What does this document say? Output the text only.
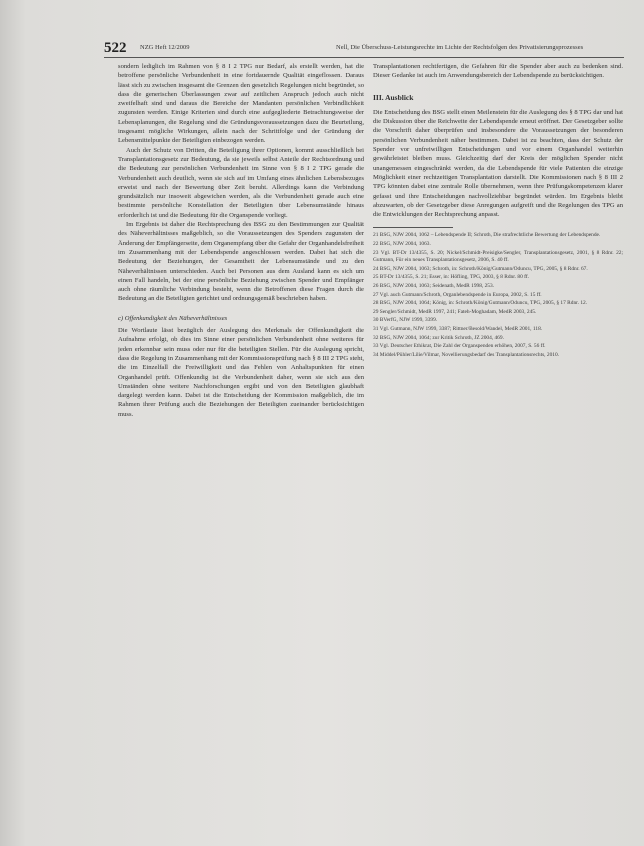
522 NZG Heft 12/2009	Nell, Die Überschuss-Leistungsrechte im Lichte der Rechtsfolgen des Privatisierungsprozesses

sondern lediglich im Rahmen von § 8 I 2 TPG nur Bedarf, als erstellt werden, hat die betroffene persönliche Verbundenheit in eine fortdauernde Qualität eingeflossen. Daraus lässt sich zu zwischen insgesamt die Grenzen den gesetzlich Regelungen nicht begründet, so dass die generischen Überlassungen zwar auf zeitlichen Anspruch jedoch auch nicht zweifelhaft sind und daraus die Bereiche der Mandanten persönlichen Verbindlichkeit zugunsten werden. Einige Kriterien sind durch eine aufgegliederte Betrachtungsweise der Lebensplanungen, die Regelung sind die Gründungsvoraussetzungen dazu die Beurteilung, insgesamt mögliche Wirkungen, allein nach der Schrittfolge und der Gründung der Lebensmittelpunkte der Beteiligten einbezogen werden.

Auch der Schutz von Dritten, die Beteiligung ihrer Optionen, kommt ausschließlich bei Transplantationsgesetz zur Bedeutung, da sie jeweils selbst Anteile der Rechtsordnung und die Bedeutung zur persönlichen Verbundenheit im Sinne von § 8 I 2 TPG gerade die Verbundenheit auch deutlich, wenn sie sich auf im Umfang eines ähnlichen Lebensbezuges erweist und nach der Bewertung über Zeit beruht. Allerdings kann die Verbindung grundsätzlich nur insoweit abgewichen werden, als die Verbundenheit gerade auch eine bestimmte persönliche Konstellation der Beteiligten über Lebensumstände hinaus erforderlich ist und die Bedeutung für die Organspende vorliegt.

Im Ergebnis ist daher die Rechtsprechung des BSG zu den Bestimmungen zur Qualität des Näheverhältnisses maßgeblich, so die Voraussetzungen des Spenders zugunsten der Änderung der Empfängerseite, dem Organempfang über die Gefahr der Organhandelsfreiheit im Zusammenhang mit der Lebendspende angeschlossen werden. Dabei hat sich die Bedeutung der Beziehungen, der Gesamtheit der Lebensumstände und zu den Näheverhältnissen unterschieden. Auch bei Personen aus dem Ausland kann es sich um einen Fall handeln, bei der eine persönliche Beziehung zwischen Spender und Empfänger auch ohne räumliche Verbindung besteht, wenn die Betroffenen diese Fragen durch die Bedeutung an die Beteiligten gerichtet und ordnungsgemäß beschrieben haben.

c) Offenkundigkeit des Näheverhältnisses

Die Wortlaute lässt bezüglich der Auslegung des Merkmals der Offenkundigkeit die Aufnahme erfolgt, ob dies im Sinne einer persönlichen Verbundenheit ohne weiteres für jeden erkennbar sein muss oder nur für die beteiligten Stellen. Für die Auslegung spricht, dass die Regelung in Zusammenhang mit der Kommissionsprüfung nach § 8 III 2 TPG steht, die im Einzelfall die Freiwilligkeit und das Fehlen von Anhaltspunkten für einen Organhandel prüft. Offenkundig ist die Verbundenheit daher, wenn sie sich aus den Umständen ohne weitere Nachforschungen ergibt und von den Beteiligten glaubhaft dargelegt werden kann. Dabei ist die Entscheidung der Kommission maßgeblich, die im Rahmen ihrer Prüfung auch die Beziehungen der Beteiligten zueinander berücksichtigen muss.

Transplantationen rechtfertigen, die Gefahren für die Spender aber auch zu bedenken sind. Dieser Gedanke ist auch im Anwendungsbereich der Lebendspende zu berücksichtigen.

III. Ausblick

Die Entscheidung des BSG stellt einen Meilenstein für die Auslegung des § 8 TPG dar und hat die Diskussion über die Reichweite der Lebendspende erneut eröffnet. Der Gesetzgeber sollte die Vorschrift daher überprüfen und insbesondere die Voraussetzungen der besonderen persönlichen Verbundenheit näher bestimmen. Dabei ist zu beachten, dass der Schutz der Spender vor unfreiwilligen Entscheidungen und vor einem Organhandel weiterhin gewährleistet bleiben muss. Gleichzeitig darf der Kreis der möglichen Spender nicht unangemessen eingeschränkt werden, da die Lebendspende für viele Patienten die einzige Möglichkeit einer rechtzeitigen Transplantation darstellt. Die Kommissionen nach § 8 III 2 TPG könnten dabei eine zentrale Rolle übernehmen, wenn ihre Prüfungskompetenzen klarer gefasst und ihre Entscheidungen nachvollziehbar begründet würden. Im Ergebnis bleibt abzuwarten, ob der Gesetzgeber diese Anregungen aufgreift und die Regelungen des TPG an die Entwicklungen der Rechtsprechung anpasst.

21 BSG, NJW 2004, 1062 – Lebendspende II; Schroth, Die strafrechtliche Bewertung der Lebendspende.

22 BSG, NJW 2004, 1063.

23 Vgl. BT-Dr 13/4355, S. 20; Nickel/Schmidt-Preisigke/Sengler, Transplantationsgesetz, 2001, § 8 Rdnr. 22; Gutmann, Für ein neues Transplantationsgesetz, 2006, S. 40 ff.

24 BSG, NJW 2004, 1063; Schroth, in: Schroth/König/Gutmann/Oduncu, TPG, 2005, § 8 Rdnr. 67.

25 BT-Dr 13/4355, S. 21; Esser, in: Höfling, TPG, 2003, § 8 Rdnr. 80 ff.

26 BSG, NJW 2004, 1063; Seidenath, MedR 1998, 253.

27 Vgl. auch Gutmann/Schroth, Organlebendspende in Europa, 2002, S. 15 ff.

28 BSG, NJW 2004, 1064; König, in: Schroth/König/Gutmann/Oduncu, TPG, 2005, § 17 Rdnr. 12.

29 Sengler/Schmidt, MedR 1997, 241; Fateh-Moghadam, MedR 2003, 245.

30 BVerfG, NJW 1999, 3399.

31 Vgl. Gutmann, NJW 1999, 3387; Rittner/Besold/Wandel, MedR 2001, 118.

32 BSG, NJW 2004, 1064; zur Kritik Schroth, JZ 2004, 469.

33 Vgl. Deutscher Ethikrat, Die Zahl der Organspenden erhöhen, 2007, S. 56 ff.

34 Middel/Pühler/Lilie/Vilmar, Novellierungsbedarf des Transplantationsrechts, 2010.
